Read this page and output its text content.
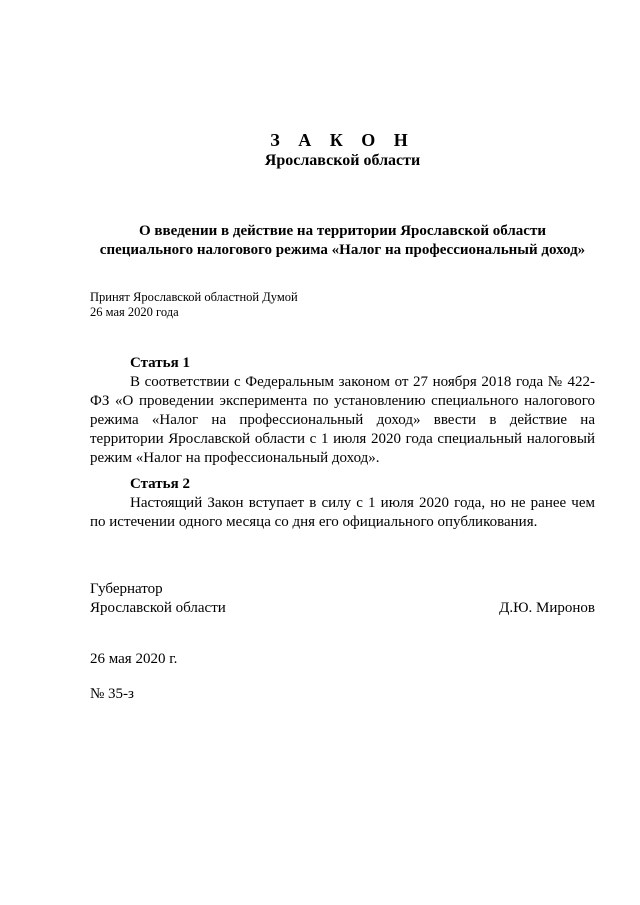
З А К О Н
Ярославской области
О введении в действие на территории Ярославской области
специального налогового режима «Налог на профессиональный доход»
Принят Ярославской областной Думой
26 мая 2020 года
Статья 1

В соответствии с Федеральным законом от 27 ноября 2018 года № 422-ФЗ «О проведении эксперимента по установлению специального налогового режима «Налог на профессиональный доход» ввести в действие на территории Ярославской области с 1 июля 2020 года специальный налоговый режим «Налог на профессиональный доход».

Статья 2

Настоящий Закон вступает в силу с 1 июля 2020 года, но не ранее чем по истечении одного месяца со дня его официального опубликования.

Губернатор
Ярославской области	Д.Ю. Миронов
26 мая 2020 г.
№ 35-з
